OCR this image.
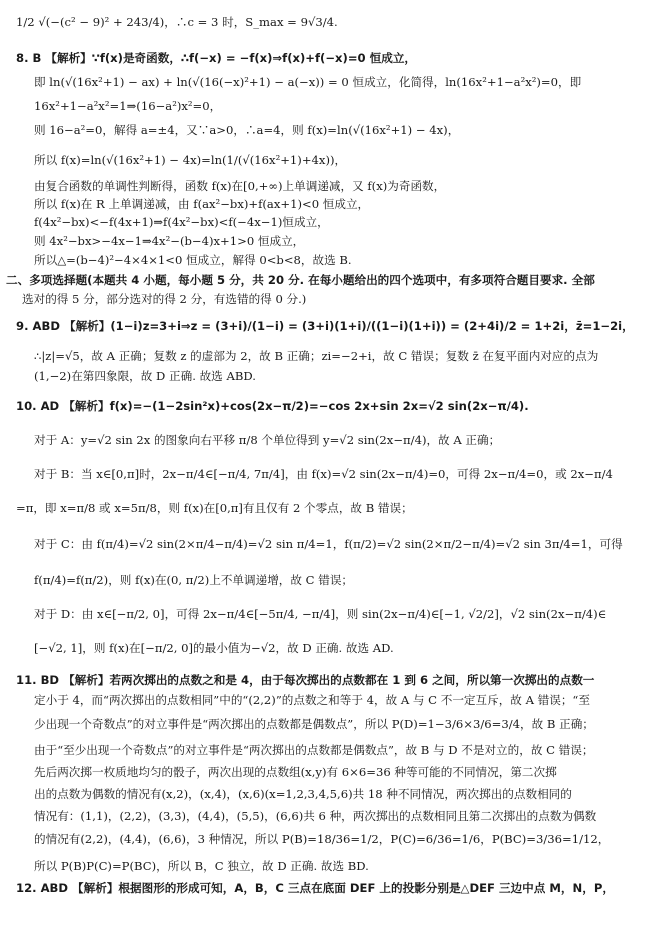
1/2 √(−(c² − 9)² + 243/4)，∴c = 3 时，S_max = 9√3/4.
8. B 【解析】∵f(x)是奇函数，∴f(−x) = −f(x)⇒f(x)+f(−x)=0 恒成立，
即 ln(√(16x²+1) − ax) + ln(√(16(−x)²+1) − a(−x)) = 0 恒成立，化简得，ln(16x²+1−a²x²)=0，即
16x²+1−a²x²=1⇒(16−a²)x²=0，
则 16−a²=0，解得 a=±4，又∵a>0，∴a=4，则 f(x)=ln(√(16x²+1) − 4x)，
所以 f(x)=ln(√(16x²+1) − 4x)=ln(1/(√(16x²+1)+4x))，
由复合函数的单调性判断得，函数 f(x)在[0,+∞)上单调递减，又 f(x)为奇函数，
所以 f(x)在 R 上单调递减，由 f(ax²−bx)+f(ax+1)<0 恒成立，
f(4x²−bx)<−f(4x+1)⇒f(4x²−bx)<f(−4x−1)恒成立，
则 4x²−bx>−4x−1⇒4x²−(b−4)x+1>0 恒成立，
所以△=(b−4)²−4×4×1<0 恒成立，解得 0<b<8，故选 B.
二、多项选择题(本题共 4 小题，每小题 5 分，共 20 分. 在每小题给出的四个选项中，有多项符合题目要求. 全部
选对的得 5 分，部分选对的得 2 分，有选错的得 0 分.)
9. ABD 【解析】(1−i)z=3+i⇒z = (3+i)/(1−i) = (3+i)(1+i)/((1−i)(1+i)) = (2+4i)/2 = 1+2i，z̄=1−2i，
∴|z|=√5，故 A 正确；复数 z 的虚部为 2，故 B 正确；zi=−2+i，故 C 错误；复数 z̄ 在复平面内对应的点为
(1,−2)在第四象限，故 D 正确. 故选 ABD.
10. AD 【解析】f(x)=−(1−2sin²x)+cos(2x−π/2)=−cos 2x+sin 2x=√2 sin(2x−π/4).
对于 A：y=√2 sin 2x 的图象向右平移 π/8 个单位得到 y=√2 sin(2x−π/4)，故 A 正确；
对于 B：当 x∈[0,π]时，2x−π/4∈[−π/4, 7π/4]，由 f(x)=√2 sin(2x−π/4)=0，可得 2x−π/4=0，或 2x−π/4
=π，即 x=π/8 或 x=5π/8，则 f(x)在[0,π]有且仅有 2 个零点，故 B 错误；
对于 C：由 f(π/4)=√2 sin(2×π/4−π/4)=√2 sin π/4=1，f(π/2)=√2 sin(2×π/2−π/4)=√2 sin 3π/4=1，可得
f(π/4)=f(π/2)，则 f(x)在(0, π/2)上不单调递增，故 C 错误；
对于 D：由 x∈[−π/2, 0]，可得 2x−π/4∈[−5π/4, −π/4]，则 sin(2x−π/4)∈[−1, √2/2]，√2 sin(2x−π/4)∈
[−√2, 1]，则 f(x)在[−π/2, 0]的最小值为−√2，故 D 正确. 故选 AD.
11. BD 【解析】若两次掷出的点数之和是 4，由于每次掷出的点数都在 1 到 6 之间，所以第一次掷出的点数一
定小于 4，而“两次掷出的点数相同”中的“(2,2)”的点数之和等于 4，故 A 与 C 不一定互斥，故 A 错误；“至
少出现一个奇数点”的对立事件是“两次掷出的点数都是偶数点”，所以 P(D)=1−3/6×3/6=3/4，故 B 正确；
由于“至少出现一个奇数点”的对立事件是“两次掷出的点数都是偶数点”，故 B 与 D 不是对立的，故 C 错误；
先后两次掷一枚质地均匀的骰子，两次出现的点数组(x,y)有 6×6=36 种等可能的不同情况，第二次掷
出的点数为偶数的情况有(x,2)，(x,4)，(x,6)(x=1,2,3,4,5,6)共 18 种不同情况，两次掷出的点数相同的
情况有：(1,1)，(2,2)，(3,3)，(4,4)，(5,5)，(6,6)共 6 种，两次掷出的点数相同且第二次掷出的点数为偶数
的情况有(2,2)，(4,4)，(6,6)，3 种情况，所以 P(B)=18/36=1/2，P(C)=6/36=1/6，P(BC)=3/36=1/12，
所以 P(B)P(C)=P(BC)，所以 B，C 独立，故 D 正确. 故选 BD.
12. ABD 【解析】根据图形的形成可知，A，B，C 三点在底面 DEF 上的投影分别是△DEF 三边中点 M，N，P，
